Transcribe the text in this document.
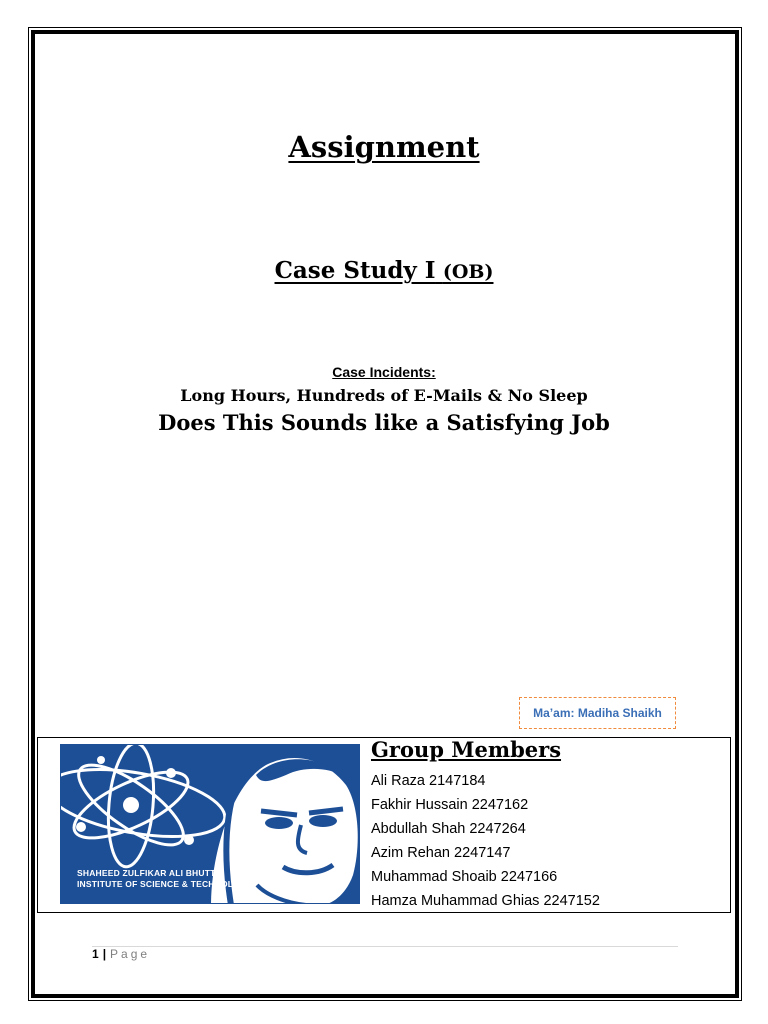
Assignment
Case Study I (OB)
Case Incidents:
Long Hours, Hundreds of E-Mails & No Sleep
Does This Sounds like a Satisfying Job
Ma’am: Madiha Shaikh
SHAHEED ZULFIKAR ALI BHUTTO
INSTITUTE OF SCIENCE & TECHNOLOGY
Group Members
Ali Raza 2147184
Fakhir Hussain 2247162
Abdullah Shah 2247264
Azim Rehan 2247147
Muhammad Shoaib 2247166
Hamza Muhammad Ghias 2247152
1 | Page
